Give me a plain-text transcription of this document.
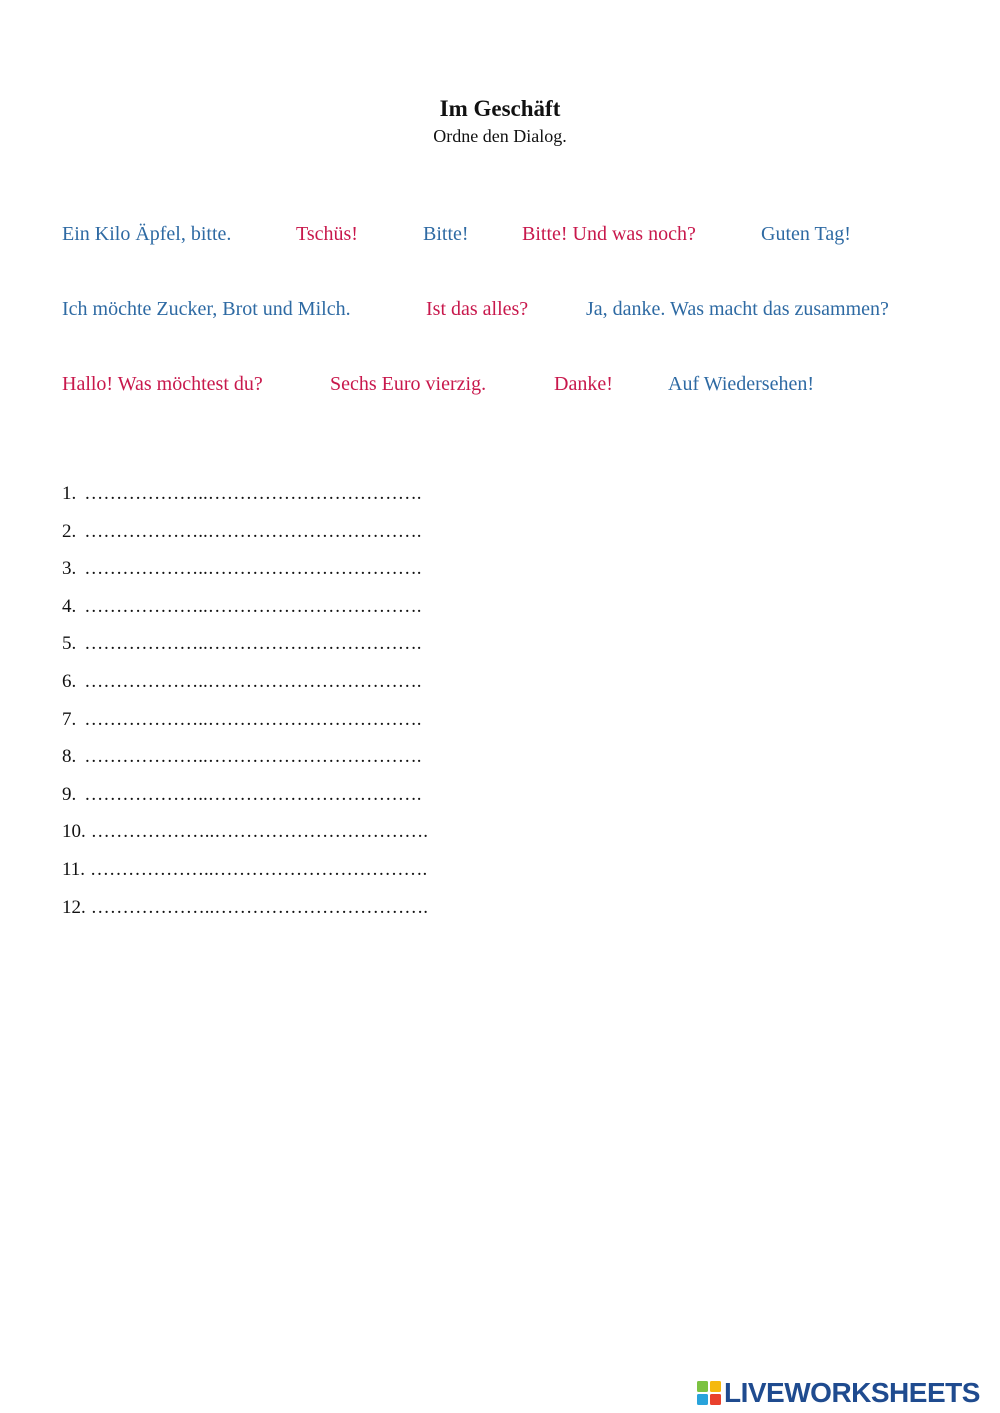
Im Geschäft
Ordne den Dialog.
Ein Kilo Äpfel, bitte.	Tschüs!	Bitte!	Bitte! Und was noch?	Guten Tag!
Ich möchte Zucker, Brot und Milch.	Ist das alles?	Ja, danke. Was macht das zusammen?
Hallo! Was möchtest du?	Sechs Euro vierzig.	Danke!	Auf Wiedersehen!
1. ………………..…………………………….
2. ………………..…………………………….
3. ………………..…………………………….
4. ………………..…………………………….
5. ………………..…………………………….
6. ………………..…………………………….
7. ………………..…………………………….
8. ………………..…………………………….
9. ………………..…………………………….
10. ………………..…………………………….
11. ………………..…………………………….
12. ………………..…………………………….
LIVEWORKSHEETS
